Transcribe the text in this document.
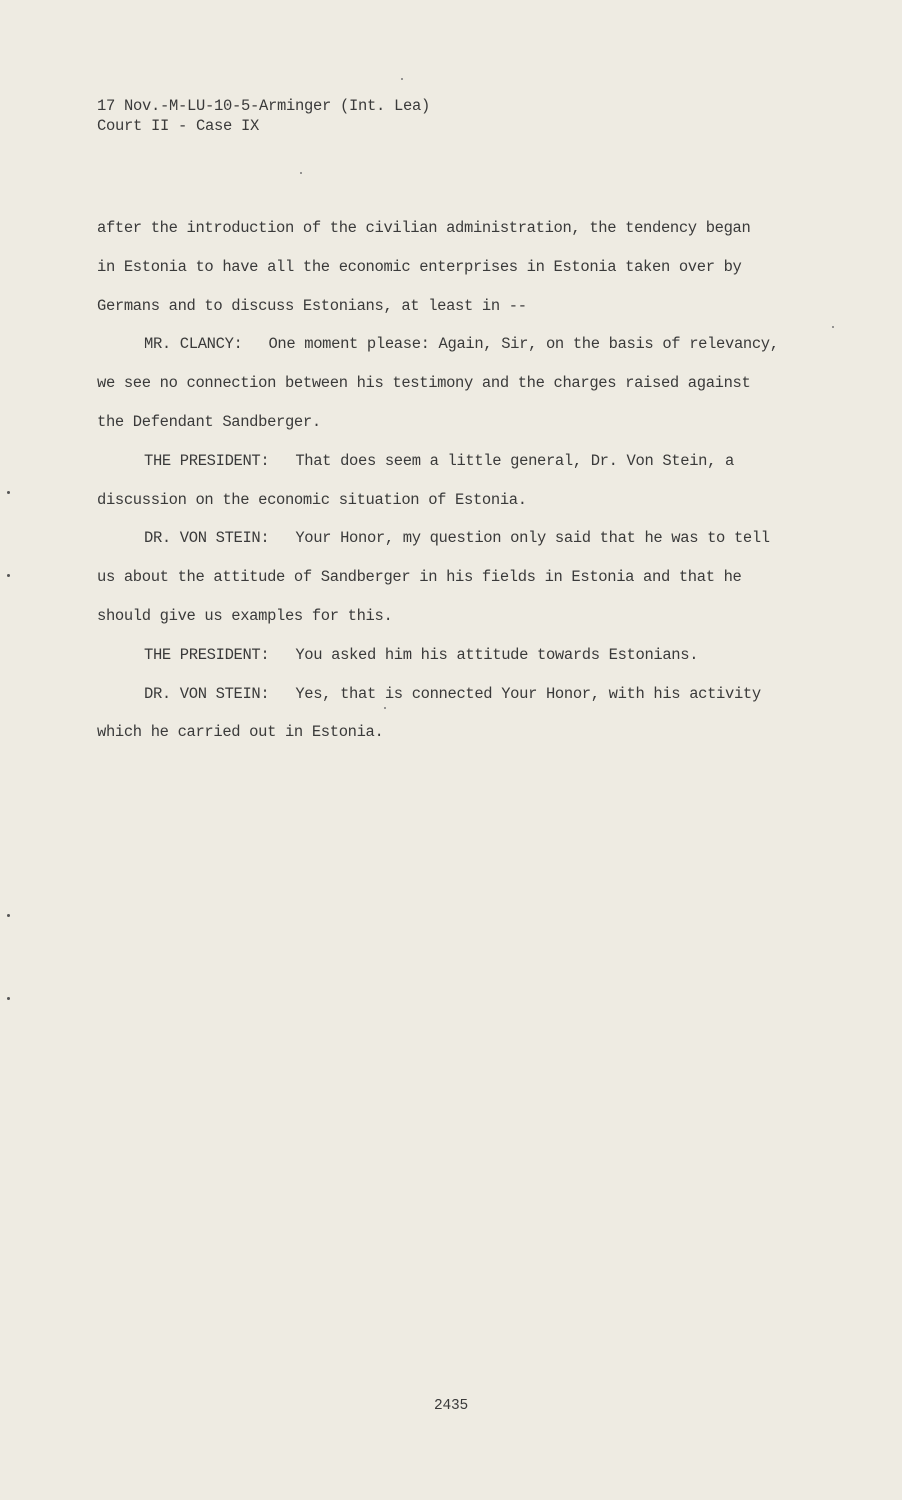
17 Nov.-M-LU-10-5-Arminger (Int. Lea)
Court II - Case IX
after the introduction of the civilian administration, the tendency began
in Estonia to have all the economic enterprises in Estonia taken over by
Germans and to discuss Estonians, at least in --
MR. CLANCY: One moment please: Again, Sir, on the basis of relevancy,
we see no connection between his testimony and the charges raised against
the Defendant Sandberger.
THE PRESIDENT: That does seem a little general, Dr. Von Stein, a
discussion on the economic situation of Estonia.
DR. VON STEIN: Your Honor, my question only said that he was to tell
us about the attitude of Sandberger in his fields in Estonia and that he
should give us examples for this.
THE PRESIDENT: You asked him his attitude towards Estonians.
DR. VON STEIN: Yes, that is connected Your Honor, with his activity
which he carried out in Estonia.
2435
